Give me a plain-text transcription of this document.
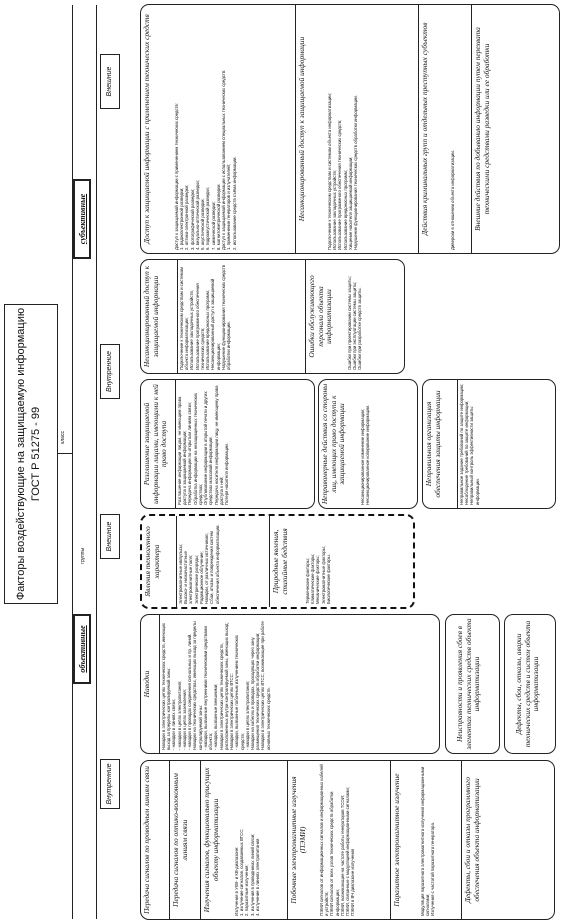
Факторы воздействующие на защищаемую информацию ГОСТ Р 51275 - 99	класс
объективные
субъективные
группы
Внутренние
Внешние
Внутренние
Внешние
Передача сигналов по проводным линиям связи	Передача сигналов по оптико-волоконным линиям связи	Излучения сигналов, функционально присущих объекту информатизации
Излучения в УКВ- и КВ-диапазоне:
1. излучение сигналов, создаваемых ВТСС;
2. паразитные излучения;
3. излучения в проводниках линий связи;
4. излучение в линиях электропитания.	Побочные электромагнитные излучения (ПЭМИ)
ПЭМИ сигналов от информационных сигналов и информационных кабелей и устройств;
ПЭМИ сигналов от всех узлов технических средств обработки информации;
ПЭМИ, возникающие на частоте работы генераторов ТСОИ;
ПЭМИ, связанные с модуляцией информационными сигналами;
ПЭМИ в ВЧ диапазоне излучения	Паразитное электромагнитное излучение	Модуляция паразитного электромагнитного излучения информационными сигналами;
Излучения с частотой паразитного генератора.	Дефекты, сбои и отказы программного обеспечения объекта информатизации
Наводки
Наводки в электрических цепях технических средств, имеющих выход за пределы контролируемой зоны:
- наводки в линиях связи;
- наводки в цепях электропитания;
- наводки в цепях заземления;
- наводки в проводах соединения сигнальных и пр. линий.
Наводки на технических средствах, имеющих выход за пределы контролируемой зоны:
- наводки, вызванные внутренними техническими средствами объекта;
- наводки, вызванные внешними;
Наводки в электрических цепях технических средств, расположенных внутри контролируемой зоны, имеющих выход;
Наводки в электрических цепях ВТСС:
- наводки, вызванные побочным излучением технических средств;
- наводки в цепях электропитания;
Наводки на кабелях и проводах, проходящих через зону размещения технических средств обработки информации;
Наводки в электрических цепях ВТСС, возникающие при работе основных технических средств.	Неисправности и проявления сбоев в элементах технических средств объекта информатизации	Дефекты, сбои, отказы, аварии технических средств и систем объекта информатизации
Явления техногенного характера
Электромагнитные импульсы;
Высоко- и низкочастотные электромагнитные поля;
Электрические разряды;
Радиационное облучение;
Наводки, от различных источников;
Сбои, отказы и повреждения систем обеспечения объекта информатизации.	Природные явления, стихийные бедствия	Термические факторы;
Климатические факторы;
Механические факторы;
Электромагнитные факторы;
Биологические факторы.
Разглашение защищаемой информации лицами, имеющими к ней право доступа
Разглашение информации лицам, не имеющим права доступа к защищаемой информации;
Передача информации по открытым линиям связи;
Обработка информации на незащищенных технических средствах;
Опубликование информации в открытой печати и других средствах массовой информации;
Передача носителя информации лицу, не имеющему права доступа к ней;
Потеря носителя информации.	Неправомерные действия со стороны лиц, имеющих право доступа к защищаемой информации	Несанкционированное изменение информации;
Несанкционированное копирование информации.	Неправильная организация обеспечения защиты информации	Неправильное задание требований по защите информации;
Несоблюдение требований по защите информации;
Неправильный контроль эффективности защиты информации.
Несанкционированный доступ к защищаемой информации	Подключение к техническим средствам и системам объекта информатизации;
Использование закладочных устройств;
Использование программного обеспечения технических средств;
Использование вредоносных программ;
Несанкционированный доступ к защищаемой информации;
Нарушение функционирования технических средств обработки информации.	Ошибки обслуживающего персонала объекта информатизации
Ошибки при проектировании системы защиты;
Ошибки при эксплуатации системы защиты;
Ошибки при разработке средств защиты.
Доступ к защищаемой информации с применением технических средств	Доступ к защищаемой информации с применением технических средств:
1. радиоэлектронной разведки;
2. оптико-электронной разведки;
3. фотографической разведки;
4. визуально-оптической разведки;
5. акустической разведки;
6. гидроакустической разведки;
7. химической разведки;
8. магнитометрической разведки.
Доступ к защищаемой информации с использованием специальных технических средств:
1. применение генераторов и излучателей;
2. использование средств съёма информации.	Несанкционированный доступ к защищаемой информации
Подключение к техническим средствам и системам объекта информатизации;
Использование закладочных устройств;
Использование программного обеспечения технических средств;
Использование вредоносных программ;
Хищение носителя защищаемой информации;
Нарушение функционирования технических средств обработки информации.	Действия криминальных групп и отдельных преступных субъектов	Диверсии в отношении объекта информатизации.	Внешние действия по добыванию информации путем перехвата техническими средствами разведки или ее обработки
